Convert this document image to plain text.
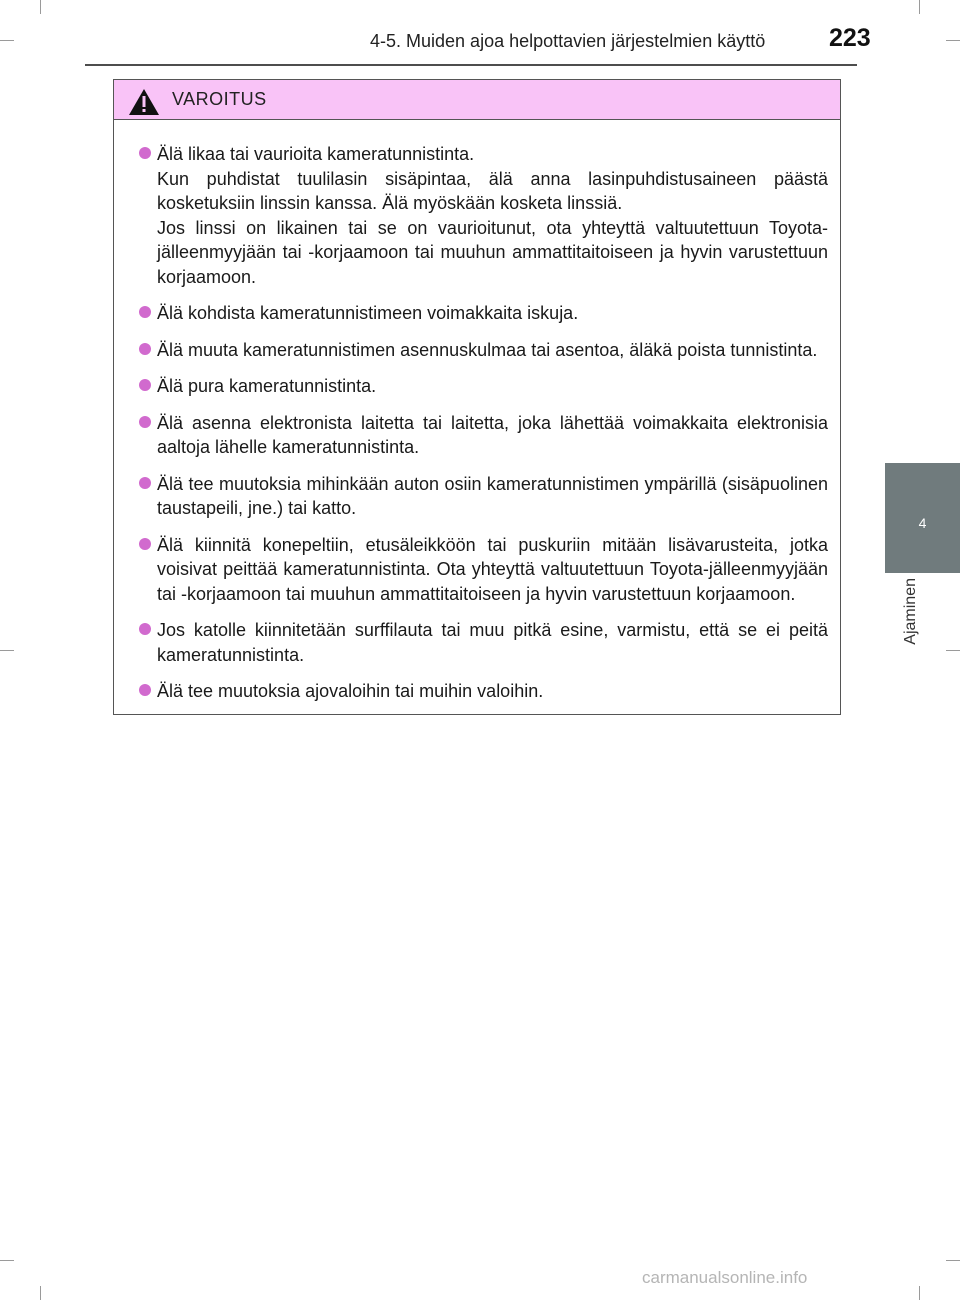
4-5. Muiden ajoa helpottavien järjestelmien käyttö	223
4
Ajaminen
VAROITUS
Älä likaa tai vaurioita kameratunnistinta.
Kun puhdistat tuulilasin sisäpintaa, älä anna lasinpuhdistusaineen päästä kosketuksiin linssin kanssa. Älä myöskään kosketa linssiä.
Jos linssi on likainen tai se on vaurioitunut, ota yhteyttä valtuutettuun Toyota-jälleenmyyjään tai -korjaamoon tai muuhun ammattitaitoiseen ja hyvin varustettuun korjaamoon.
Älä kohdista kameratunnistimeen voimakkaita iskuja.
Älä muuta kameratunnistimen asennuskulmaa tai asentoa, äläkä poista tunnistinta.
Älä pura kameratunnistinta.
Älä asenna elektronista laitetta tai laitetta, joka lähettää voimakkaita elektronisia aaltoja lähelle kameratunnistinta.
Älä tee muutoksia mihinkään auton osiin kameratunnistimen ympärillä (sisäpuolinen taustapeili, jne.) tai katto.
Älä kiinnitä konepeltiin, etusäleikköön tai puskuriin mitään lisävarusteita, jotka voisivat peittää kameratunnistinta. Ota yhteyttä valtuutettuun Toyota-jälleenmyyjään tai -korjaamoon tai muuhun ammattitaitoiseen ja hyvin varustettuun korjaamoon.
Jos katolle kiinnitetään surffilauta tai muu pitkä esine, varmistu, että se ei peitä kameratunnistinta.
Älä tee muutoksia ajovaloihin tai muihin valoihin.
carmanualsonline.info
